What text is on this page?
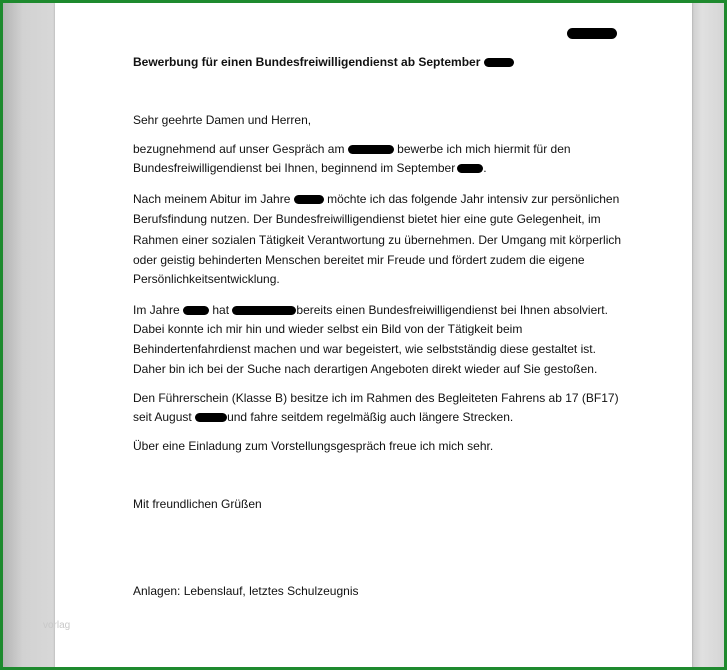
Bewerbung für einen Bundesfreiwilligendienst ab September
Sehr geehrte Damen und Herren,
bezugnehmend auf unser Gespräch am	bewerbe ich mich hiermit für den
Bundesfreiwilligendienst bei Ihnen, beginnend im September .
Nach meinem Abitur im Jahre	möchte ich das folgende Jahr intensiv zur persönlichen
Berufsfindung nutzen. Der Bundesfreiwilligendienst bietet hier eine gute Gelegenheit, im
Rahmen einer sozialen Tätigkeit Verantwortung zu übernehmen. Der Umgang mit körperlich
oder geistig behinderten Menschen bereitet mir Freude und fördert zudem die eigene
Persönlichkeitsentwicklung.
Im Jahre	hat	bereits einen Bundesfreiwilligendienst bei Ihnen absolviert.
Dabei konnte ich mir hin und wieder selbst ein Bild von der Tätigkeit beim
Behindertenfahrdienst machen und war begeistert, wie selbstständig diese gestaltet ist.
Daher bin ich bei der Suche nach derartigen Angeboten direkt wieder auf Sie gestoßen.
Den Führerschein (Klasse B) besitze ich im Rahmen des Begleiteten Fahrens ab 17 (BF17)
seit August	und fahre seitdem regelmäßig auch längere Strecken.
Über eine Einladung zum Vorstellungsgespräch freue ich mich sehr.
Mit freundlichen Grüßen
Anlagen: Lebenslauf, letztes Schulzeugnis
vorlag
